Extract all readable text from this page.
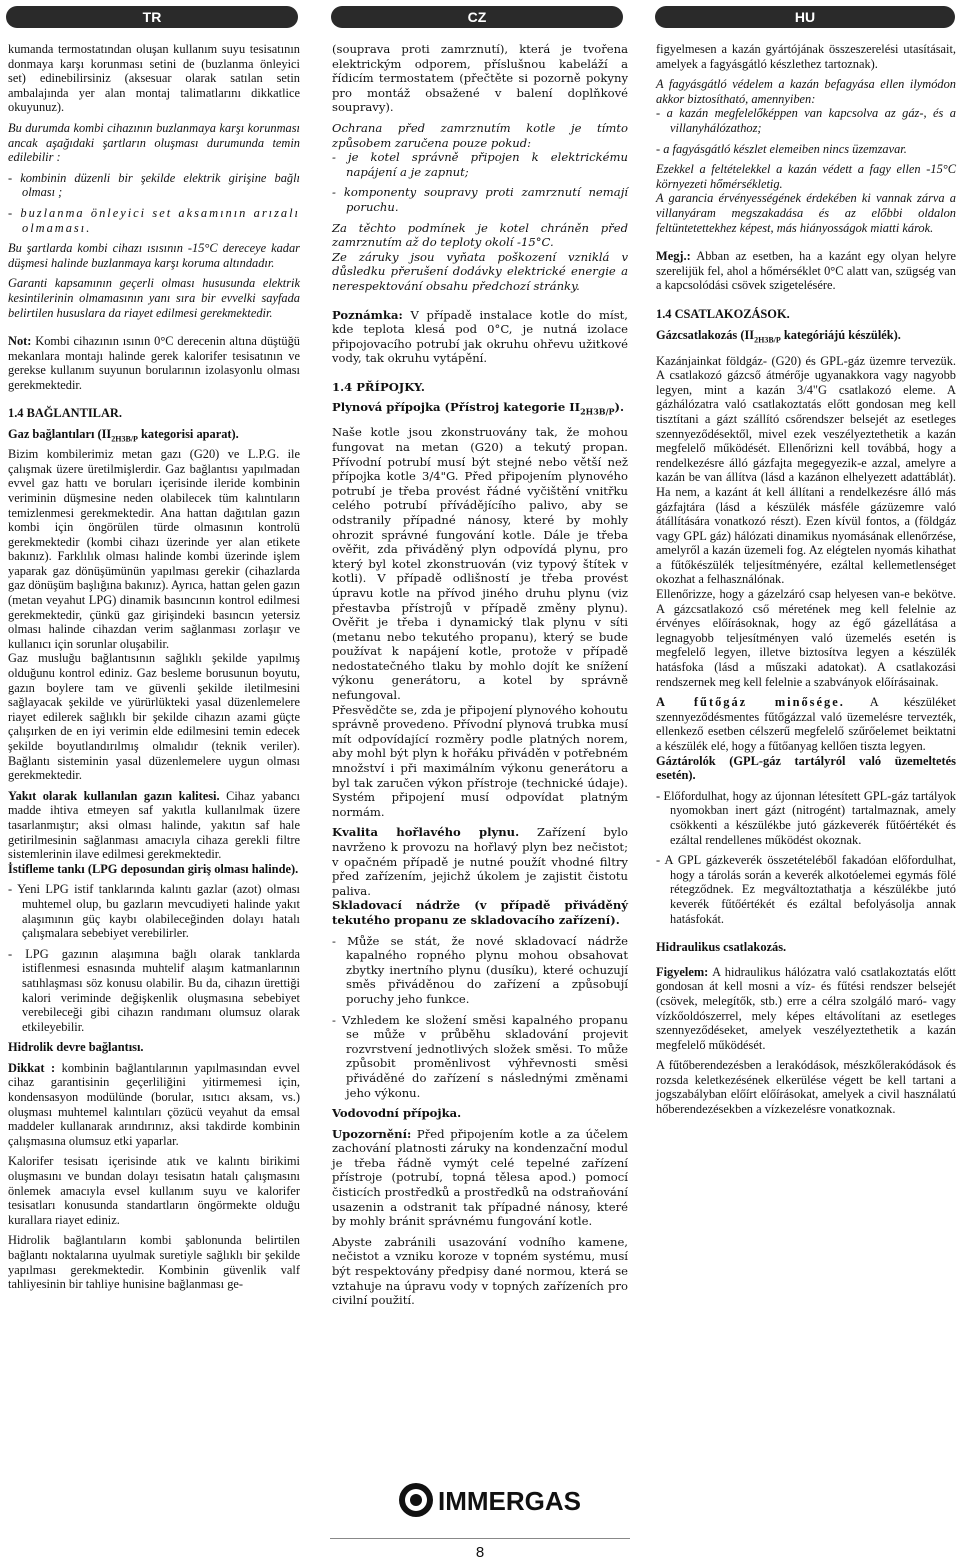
TR	CZ	HU

kumanda termostatından oluşan kullanım suyu tesisatının donmaya karşı korunması setini de (buzlanma önleyici set) edinebilirsiniz (aksesuar olarak satılan setin ambalajında yer alan montaj talimatlarını dikkatlice okuyunuz).

Bu durumda kombi cihazının buzlanmaya karşı korunması ancak aşağıdaki şartların oluşması durumunda temin edilebilir :

- kombinin düzenli bir şekilde elektrik girişine bağlı olması ;

- buzlanma önleyici set aksamının arızalı olmaması.

Bu şartlarda kombi cihazı ısısının -15°C dereceye kadar düşmesi halinde buzlanmaya karşı koruma altındadır.

Garanti kapsamının geçerli olması hususunda elektrik kesintilerinin olmamasının yanı sıra bir evvelki sayfada belirtilen hususlara da riayet edilmesi gerekmektedir.

Not: Kombi cihazının ısının 0°C derecenin altına düştüğü mekanlara montajı halinde gerek kalorifer tesisatının ve gerekse kullanım suyunun borularının izolasyonlu olması gerekmektedir.

1.4 BAĞLANTILAR.

Gaz bağlantıları ($II_{2H3B/P}$ kategorisi aparat).

Bizim kombilerimiz metan gazı (G20) ve L.P.G. ile çalışmak üzere üretilmişlerdir. Gaz bağlantısı yapılmadan evvel gaz hattı ve boruları içerisinde ileride kombinin veriminin düşmesine neden olabilecek tüm kalıntıların temizlenmesi gerekmektedir. Ana hattan dağıtılan gazın kombi için öngörülen türde olmasının kontrolü gerekmektedir (kombi cihazı üzerinde yer alan etikete bakınız). Farklılık olması halinde kombi üzerinde işlem yaparak gaz dönüşümünün yapılması gerekir (cihazlarda gaz dönüşüm başlığına bakınız). Ayrıca, hattan gelen gazın (metan veyahut LPG) dinamik basıncının kontrol edilmesi gerekmektedir, çünkü gaz girişindeki basıncın yetersiz olması halinde cihazdan verim sağlanması zorlaşır ve kullanıcı için sorunlar oluşabilir.

Gaz musluğu bağlantısının sağlıklı şekilde yapılmış olduğunu kontrol ediniz. Gaz besleme borusunun boyutu, gazın boylere tam ve güvenli şekilde iletilmesini sağlayacak şekilde ve yürürlükteki yasal düzenlemelere riayet edilerek sağlıklı bir şekilde cihazın azami güçte çalışırken de en iyi verimin elde edilmesini temin edecek şekilde boyutlandırılmış olmalıdır (teknik veriler). Bağlantı sisteminin yasal düzenlemelere uygun olması gerekmektedir.

Yakıt olarak kullanılan gazın kalitesi. Cihaz yabancı madde ihtiva etmeyen saf yakıtla kullanılmak üzere tasarlanmıştır; aksi olması halinde, yakıtın saf hale getirilmesinin sağlanması amacıyla cihaza gerekli filtre sistemlerinin ilave edilmesi gerekmektedir.

İstifleme tankı (LPG deposundan giriş olması halinde).

- Yeni LPG istif tanklarında kalıntı gazlar (azot) olması muhtemel olup, bu gazların mevcudiyeti halinde yakıt alaşımının güç kaybı olabileceğinden dolayı hatalı çalışmalara sebebiyet verebilirler.

- LPG gazının alaşımına bağlı olarak tanklarda istiflenmesi esnasında muhtelif alaşım katmanlarının satıhlaşması söz konusu olabilir. Bu da, cihazın ürettiği kalori veriminde değişkenlik oluşmasına sebebiyet verebileceği gibi cihazın randımanı olumsuz olarak etkileyebilir.

Hidrolik devre bağlantısı.

Dikkat : kombinin bağlantılarının yapılmasından evvel cihaz garantisinin geçerliliğini yitirmemesi için, kondensasyon modülünde (borular, ısıtıcı aksam, vs.) oluşması muhtemel kalıntıları çözücü veyahut da emsal maddeler kullanarak arındırınız, aksi takdirde kombinin çalışmasına olumsuz etki yaparlar.

Kalorifer tesisatı içerisinde atık ve kalıntı birikimi oluşmasını ve bundan dolayı tesisatın hatalı çalışmasını önlemek amacıyla evsel kullanım suyu ve kalorifer tesisatları konusunda standartların öngörmekte olduğu kurallara riayet ediniz.

Hidrolik bağlantıların kombi şablonunda belirtilen bağlantı noktalarına uyulmak suretiyle sağlıklı bir şekilde yapılması gerekmektedir. Kombinin güvenlik valf tahliyesinin bir tahliye hunisine bağlanması ge-

(souprava proti zamrznutí), která je tvořena elektrickým odporem, příslušnou kabeláží a řídicím termostatem (přečtěte si pozorně pokyny pro montáž obsažené v balení doplňkové soupravy).

Ochrana před zamrznutím kotle je tímto způsobem zaručena pouze pokud:

- je kotel správně připojen k elektrickému napájení a je zapnut;

- komponenty soupravy proti zamrznutí nemají poruchu.

Za těchto podmínek je kotel chráněn před zamrznutím až do teploty okolí -15°C.

Ze záruky jsou vyňata poškození vzniklá v důsledku přerušení dodávky elektrické energie a nerespektování obsahu předchozí stránky.

Poznámka: V případě instalace kotle do míst, kde teplota klesá pod 0°C, je nutná izolace připojovacího potrubí jak okruhu ohřevu užitkové vody, tak okruhu vytápění.

1.4 PŘÍPOJKY.

Plynová přípojka (Přístroj kategorie $II_{2H3B/P}$).

Naše kotle jsou zkonstruovány tak, že mohou fungovat na metan (G20) a tekutý propan. Přívodní potrubí musí být stejné nebo větší než přípojka kotle 3/4"G. Před připojením plynového potrubí je třeba provést řádné vyčištění vnitřku celého potrubí přívádějícího palivo, aby se odstranily případné nánosy, které by mohly ohrozit správné fungování kotle. Dále je třeba ověřit, zda přiváděný plyn odpovídá plynu, pro který byl kotel zkonstruován (viz typový štítek v kotli). V případě odlišností je třeba provést úpravu kotle na přívod jiného druhu plynu (viz přestavba přístrojů v případě změny plynu). Ověřit je třeba i dynamický tlak plynu v síti (metanu nebo tekutého propanu), který se bude používat k napájení kotle, protože v případě nedostatečného tlaku by mohlo dojít ke snížení výkonu generátoru, a kotel by správně nefungoval.

Přesvědčte se, zda je připojení plynového kohoutu správně provedeno. Přívodní plynová trubka musí mít odpovídající rozměry podle platných norem, aby mohl být plyn k hořáku přiváděn v potřebném množství i při maximálním výkonu generátoru a byl tak zaručen výkon přístroje (technické údaje). Systém připojení musí odpovídat platným normám.

Kvalita hořlavého plynu. Zařízení bylo navrženo k provozu na hořlavý plyn bez nečistot; v opačném případě je nutné použít vhodné filtry před zařízením, jejichž úkolem je zajistit čistotu paliva.

Skladovací nádrže (v případě přiváděný tekutého propanu ze skladovacího zařízení).

- Může se stát, že nové skladovací nádrže kapalného ropného plynu mohou obsahovat zbytky inertního plynu (dusíku), které ochuzují směs přiváděnou do zařízení a způsobují poruchy jeho funkce.

- Vzhledem ke složení směsi kapalného propanu se může v průběhu skladování projevit rozvrstvení jednotlivých složek směsi. To může způsobit proměnlivost výhřevnosti směsi přiváděné do zařízení s následnými změnami jeho výkonu.

Vodovodní přípojka.

Upozornění: Před připojením kotle a za účelem zachování platnosti záruky na kondenzační modul je třeba řádně vymýt celé tepelné zařízení přístroje (potrubí, topná tělesa apod.) pomocí čisticích prostředků a prostředků na odstraňování usazenin a odstranit tak případné nánosy, které by mohly bránit správnému fungování kotle.

Abyste zabránili usazování vodního kamene, nečistot a vzniku koroze v topném systému, musí být respektovány předpisy dané normou, která se vztahuje na úpravu vody v topných zařízeních pro civilní použití.

figyelmesen a kazán gyártójának összeszerelési utasításait, amelyek a fagyásgátló készlethez tartoznak).

A fagyásgátló védelem a kazán befagyása ellen ilymódon akkor biztosítható, amennyiben:

- a kazán megfelelőképpen van kapcsolva az gáz-, és a villanyhálózathoz;

- a fagyásgátló készlet elemeiben nincs üzemzavar.

Ezekkel a feltételekkel a kazán védett a fagy ellen -15°C környezeti hőmérsékletig.

A garancia érvényességének érdekében ki vannak zárva a villanyáram megszakadása és az előbbi oldalon feltüntetettekhez képest, más hiányosságok miatti károk.

Megj.: Abban az esetben, ha a kazánt egy olyan helyre szerelijük fel, ahol a hőmérséklet 0°C alatt van, szügség van a kapcsolódási csövek szigetelésére.

1.4 CSATLAKOZÁSOK.

Gázcsatlakozás ($II_{2H3B/P}$ kategóriájú készülék).

Kazánjainkat földgáz- (G20) és GPL-gáz üzemre tervezük. A csatlakozó gázcső átmérője ugyanakkora vagy nagyobb legyen, mint a kazán 3/4"G csatlakozó eleme. A gázhálózatra való csatlakoztatás előtt gondosan meg kell tisztítani a gázt szállító csőrendszer belsejét az esetleges szennyeződésektől, mivel ezek veszélyeztethetik a kazán megfelelő működését. Ellenőrizni kell továbbá, hogy a rendelkezésre álló gázfajta megegyezik-e azzal, amelyre a kazán be van állítva (lásd a kazánon elhelyezett adattáblát). Ha nem, a kazánt át kell állítani a rendelkezésre álló más gázfajtára (lásd a készülék másféle gázüzemre való átállítására vonatkozó részt). Ezen kívül fontos, a (földgáz vagy GPL gáz) hálózati dinamikus nyomásának ellenőrzése, amelyről a kazán üzemeli fog. Az elégtelen nyomás kihathat a fűtőkészülék teljesítményére, ezáltal kellemetlenséget okozhat a felhasználónak.

Ellenőrizze, hogy a gázelzáró csap helyesen van-e bekötve. A gázcsatlakozó cső méretének meg kell felelnie az érvényes előírásoknak, hogy az égő gázellátása a legnagyobb teljesítményen való üzemelés esetén is megfelelő legyen, illetve biztosítva legyen a készülék hatásfoka (lásd a műszaki adatokat). A csatlakozási rendszernek meg kell felelnie a szabványok előírásainak.

A fűtőgáz minősége. A készüléket szennyeződésmentes fűtőgázzal való üzemelésre tervezték, ellenkező esetben célszerű megfelelő szűrőelemet beiktatni a készülék elé, hogy a fűtőanyag kellően tiszta legyen.

Gáztárolók (GPL-gáz tartályról való üzemeltetés esetén).

- Előfordulhat, hogy az újonnan létesített GPL-gáz tartályok nyomokban inert gázt (nitrogént) tartalmaznak, amely csökkenti a készülékbe jutó gázkeverék fűtőértékét és ezáltal rendellenes működést okoznak.

- A GPL gázkeverék összetételéből fakadóan előfordulhat, hogy a tárolás során a keverék alkotóelemei egymás fölé rétegződnek. Ez megváltoztathatja a készülékbe jutó keverék fűtőértékét és ezáltal befolyásolja annak hatásfokát.

Hidraulikus csatlakozás.

Figyelem: A hidraulikus hálózatra való csatlakoztatás előtt gondosan át kell mosni a víz- és fűtési rendszer belsejét (csövek, melegítők, stb.) erre a célra szolgáló maró- vagy vízkőoldószerrel, mely képes eltávolítani az esetleges szennyeződéseket, amelyek veszélyeztethetik a kazán megfelelő működését.

A fűtőberendezésben a lerakódások, mészkőlerakódások és rozsda keletkezésének elkerülése végett be kell tartani a jogszabályban előírt előírásokat, amelyek a civil használatú hőberendezésekben a vízkezelésre vonatkoznak.

IMMERGAS
8
